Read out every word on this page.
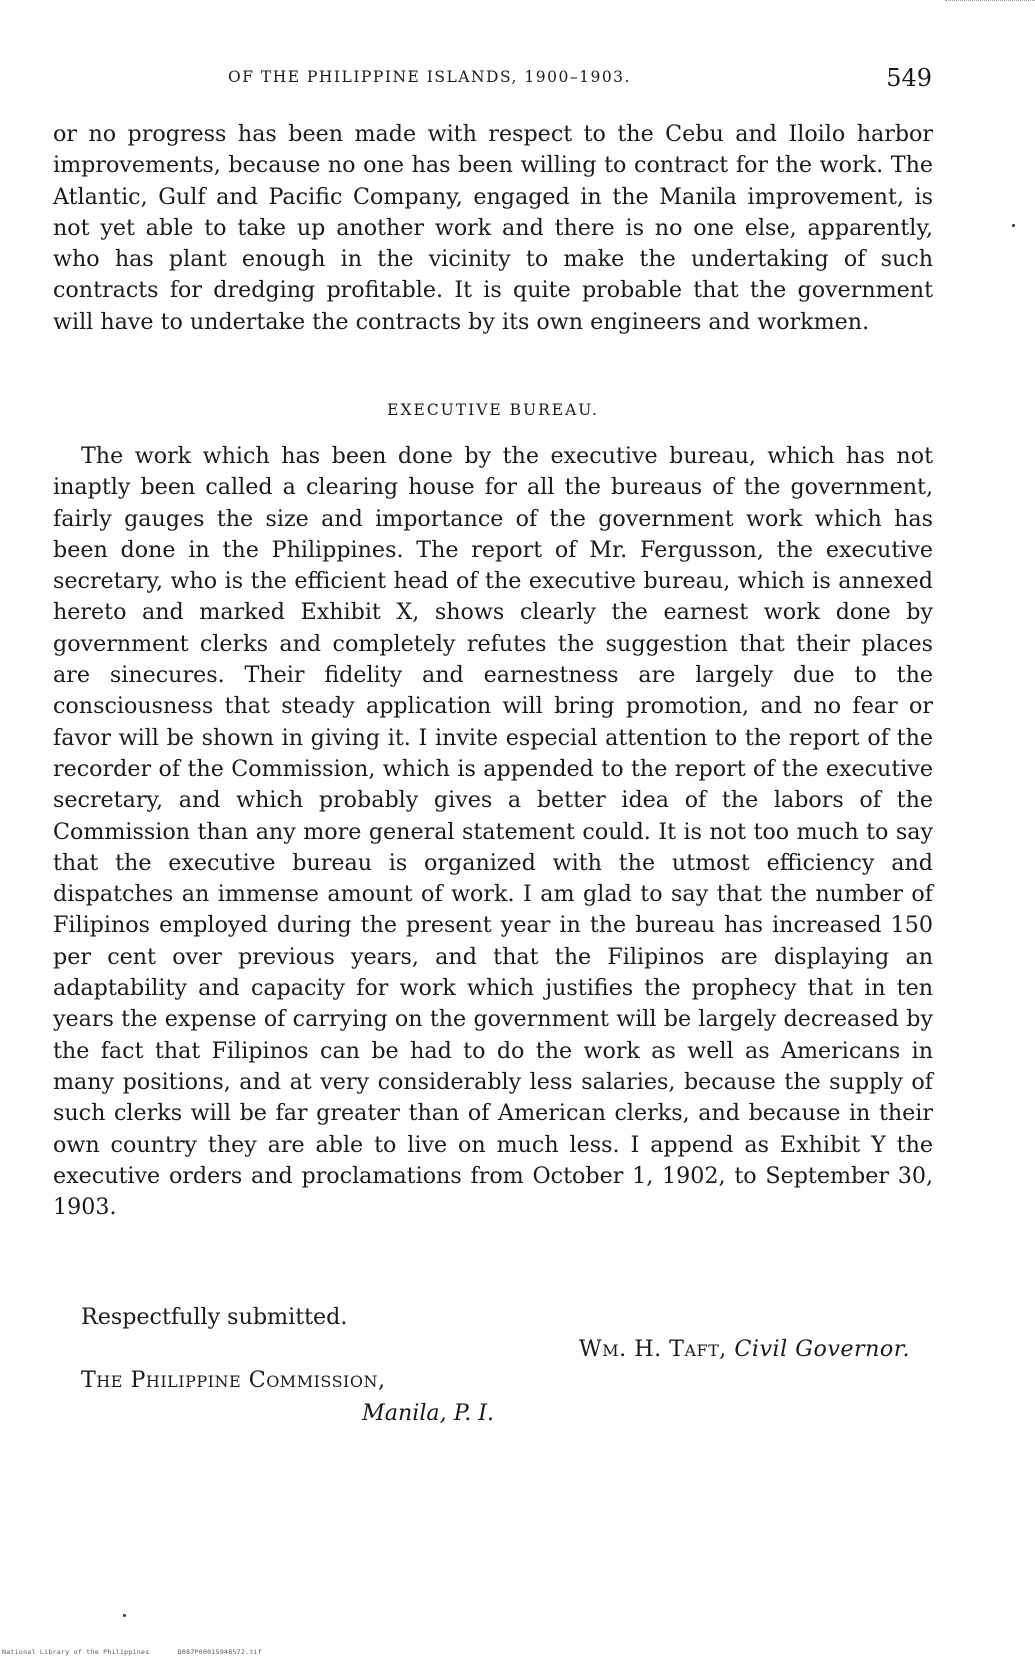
OF THE PHILIPPINE ISLANDS, 1900–1903.	549

or no progress has been made with respect to the Cebu and Iloilo harbor improvements, because no one has been willing to contract for the work. The Atlantic, Gulf and Pacific Company, engaged in the Manila improvement, is not yet able to take up another work and there is no one else, apparently, who has plant enough in the vicinity to make the undertaking of such contracts for dredging profitable. It is quite probable that the government will have to undertake the contracts by its own engineers and workmen.

EXECUTIVE BUREAU.

The work which has been done by the executive bureau, which has not inaptly been called a clearing house for all the bureaus of the government, fairly gauges the size and importance of the government work which has been done in the Philippines. The report of Mr. Fergusson, the executive secretary, who is the efficient head of the executive bureau, which is annexed hereto and marked Exhibit X, shows clearly the earnest work done by government clerks and completely refutes the suggestion that their places are sinecures. Their fidelity and earnestness are largely due to the consciousness that steady application will bring promotion, and no fear or favor will be shown in giving it. I invite especial attention to the report of the recorder of the Commission, which is appended to the report of the executive secretary, and which probably gives a better idea of the labors of the Commission than any more general statement could. It is not too much to say that the executive bureau is organized with the utmost efficiency and dispatches an immense amount of work. I am glad to say that the number of Filipinos employed during the present year in the bureau has increased 150 per cent over previous years, and that the Filipinos are displaying an adaptability and capacity for work which justifies the prophecy that in ten years the expense of carrying on the government will be largely decreased by the fact that Filipinos can be had to do the work as well as Americans in many positions, and at very considerably less salaries, because the supply of such clerks will be far greater than of American clerks, and because in their own country they are able to live on much less. I append as Exhibit Y the executive orders and proclamations from October 1, 1902, to September 30, 1903.

Respectfully submitted.
Wm. H. Taft, Civil Governor.
The Philippine Commission,
Manila, P. I.
National Library of the Philippines	D087P00015948572.tif
